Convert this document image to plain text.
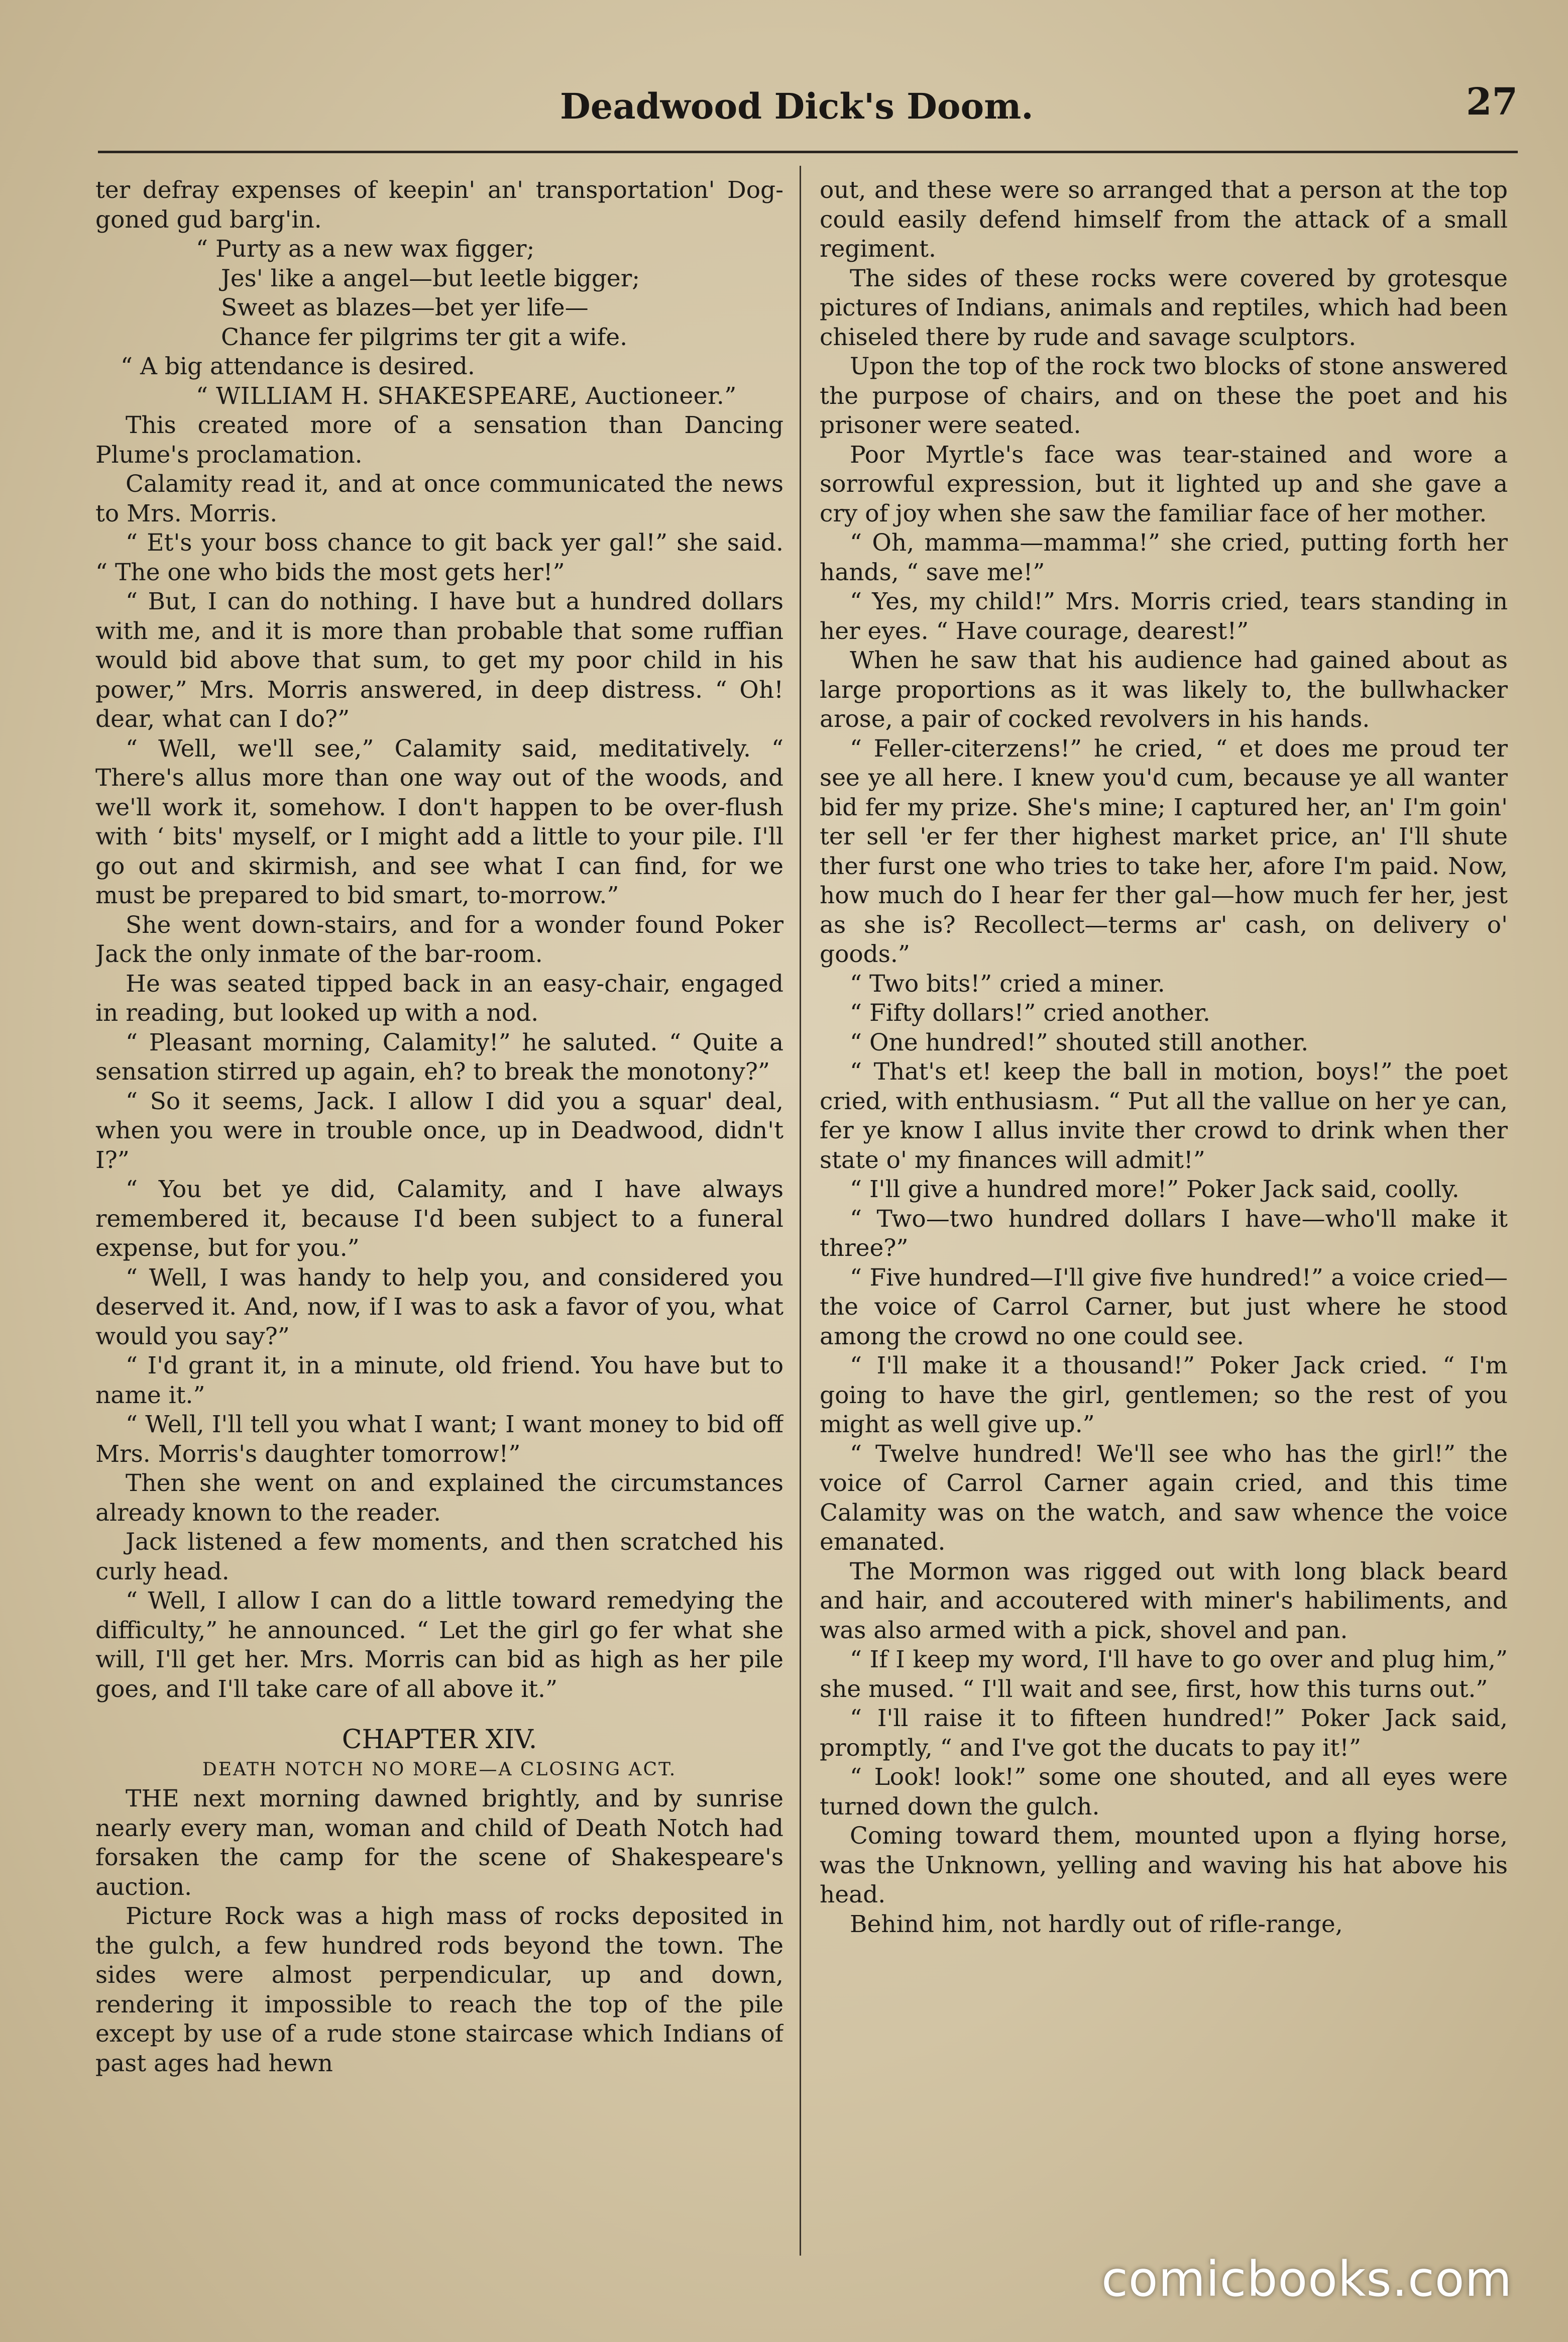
Deadwood Dick's Doom.	27

ter defray expenses of keepin' an' transportation' Dog-goned gud barg'in.

“ Purty as a new wax figger;

Jes' like a angel—but leetle bigger;

Sweet as blazes—bet yer life—

Chance fer pilgrims ter git a wife.

“ A big attendance is desired.

“ WILLIAM H. SHAKESPEARE, Auctioneer.”

This created more of a sensation than Dancing Plume's proclamation.

Calamity read it, and at once communicated the news to Mrs. Morris.

“ Et's your boss chance to git back yer gal!” she said. “ The one who bids the most gets her!”

“ But, I can do nothing. I have but a hundred dollars with me, and it is more than probable that some ruffian would bid above that sum, to get my poor child in his power,” Mrs. Morris answered, in deep distress. “ Oh! dear, what can I do?”

“ Well, we'll see,” Calamity said, meditatively. “ There's allus more than one way out of the woods, and we'll work it, somehow. I don't happen to be over-flush with ‘ bits' myself, or I might add a little to your pile. I'll go out and skirmish, and see what I can find, for we must be prepared to bid smart, to-morrow.”

She went down-stairs, and for a wonder found Poker Jack the only inmate of the bar-room.

He was seated tipped back in an easy-chair, engaged in reading, but looked up with a nod.

“ Pleasant morning, Calamity!” he saluted. “ Quite a sensation stirred up again, eh? to break the monotony?”

“ So it seems, Jack. I allow I did you a squar' deal, when you were in trouble once, up in Deadwood, didn't I?”

“ You bet ye did, Calamity, and I have always remembered it, because I'd been subject to a funeral expense, but for you.”

“ Well, I was handy to help you, and considered you deserved it. And, now, if I was to ask a favor of you, what would you say?”

“ I'd grant it, in a minute, old friend. You have but to name it.”

“ Well, I'll tell you what I want; I want money to bid off Mrs. Morris's daughter tomorrow!”

Then she went on and explained the circumstances already known to the reader.

Jack listened a few moments, and then scratched his curly head.

“ Well, I allow I can do a little toward remedying the difficulty,” he announced. “ Let the girl go fer what she will, I'll get her. Mrs. Morris can bid as high as her pile goes, and I'll take care of all above it.”

CHAPTER XIV.

DEATH NOTCH NO MORE—A CLOSING ACT.

THE next morning dawned brightly, and by sunrise nearly every man, woman and child of Death Notch had forsaken the camp for the scene of Shakespeare's auction.

Picture Rock was a high mass of rocks deposited in the gulch, a few hundred rods beyond the town. The sides were almost perpendicular, up and down, rendering it impossible to reach the top of the pile except by use of a rude stone staircase which Indians of past ages had hewn

out, and these were so arranged that a person at the top could easily defend himself from the attack of a small regiment.

The sides of these rocks were covered by grotesque pictures of Indians, animals and reptiles, which had been chiseled there by rude and savage sculptors.

Upon the top of the rock two blocks of stone answered the purpose of chairs, and on these the poet and his prisoner were seated.

Poor Myrtle's face was tear-stained and wore a sorrowful expression, but it lighted up and she gave a cry of joy when she saw the familiar face of her mother.

“ Oh, mamma—mamma!” she cried, putting forth her hands, “ save me!”

“ Yes, my child!” Mrs. Morris cried, tears standing in her eyes. “ Have courage, dearest!”

When he saw that his audience had gained about as large proportions as it was likely to, the bullwhacker arose, a pair of cocked revolvers in his hands.

“ Feller-citerzens!” he cried, “ et does me proud ter see ye all here. I knew you'd cum, because ye all wanter bid fer my prize. She's mine; I captured her, an' I'm goin' ter sell 'er fer ther highest market price, an' I'll shute ther furst one who tries to take her, afore I'm paid. Now, how much do I hear fer ther gal—how much fer her, jest as she is? Recollect—terms ar' cash, on delivery o' goods.”

“ Two bits!” cried a miner.

“ Fifty dollars!” cried another.

“ One hundred!” shouted still another.

“ That's et! keep the ball in motion, boys!” the poet cried, with enthusiasm. “ Put all the vallue on her ye can, fer ye know I allus invite ther crowd to drink when ther state o' my finances will admit!”

“ I'll give a hundred more!” Poker Jack said, coolly.

“ Two—two hundred dollars I have—who'll make it three?”

“ Five hundred—I'll give five hundred!” a voice cried—the voice of Carrol Carner, but just where he stood among the crowd no one could see.

“ I'll make it a thousand!” Poker Jack cried. “ I'm going to have the girl, gentlemen; so the rest of you might as well give up.”

“ Twelve hundred! We'll see who has the girl!” the voice of Carrol Carner again cried, and this time Calamity was on the watch, and saw whence the voice emanated.

The Mormon was rigged out with long black beard and hair, and accoutered with miner's habiliments, and was also armed with a pick, shovel and pan.

“ If I keep my word, I'll have to go over and plug him,” she mused. “ I'll wait and see, first, how this turns out.”

“ I'll raise it to fifteen hundred!” Poker Jack said, promptly, “ and I've got the ducats to pay it!”

“ Look! look!” some one shouted, and all eyes were turned down the gulch.

Coming toward them, mounted upon a flying horse, was the Unknown, yelling and waving his hat above his head.

Behind him, not hardly out of rifle-range,

comicbooks.com
